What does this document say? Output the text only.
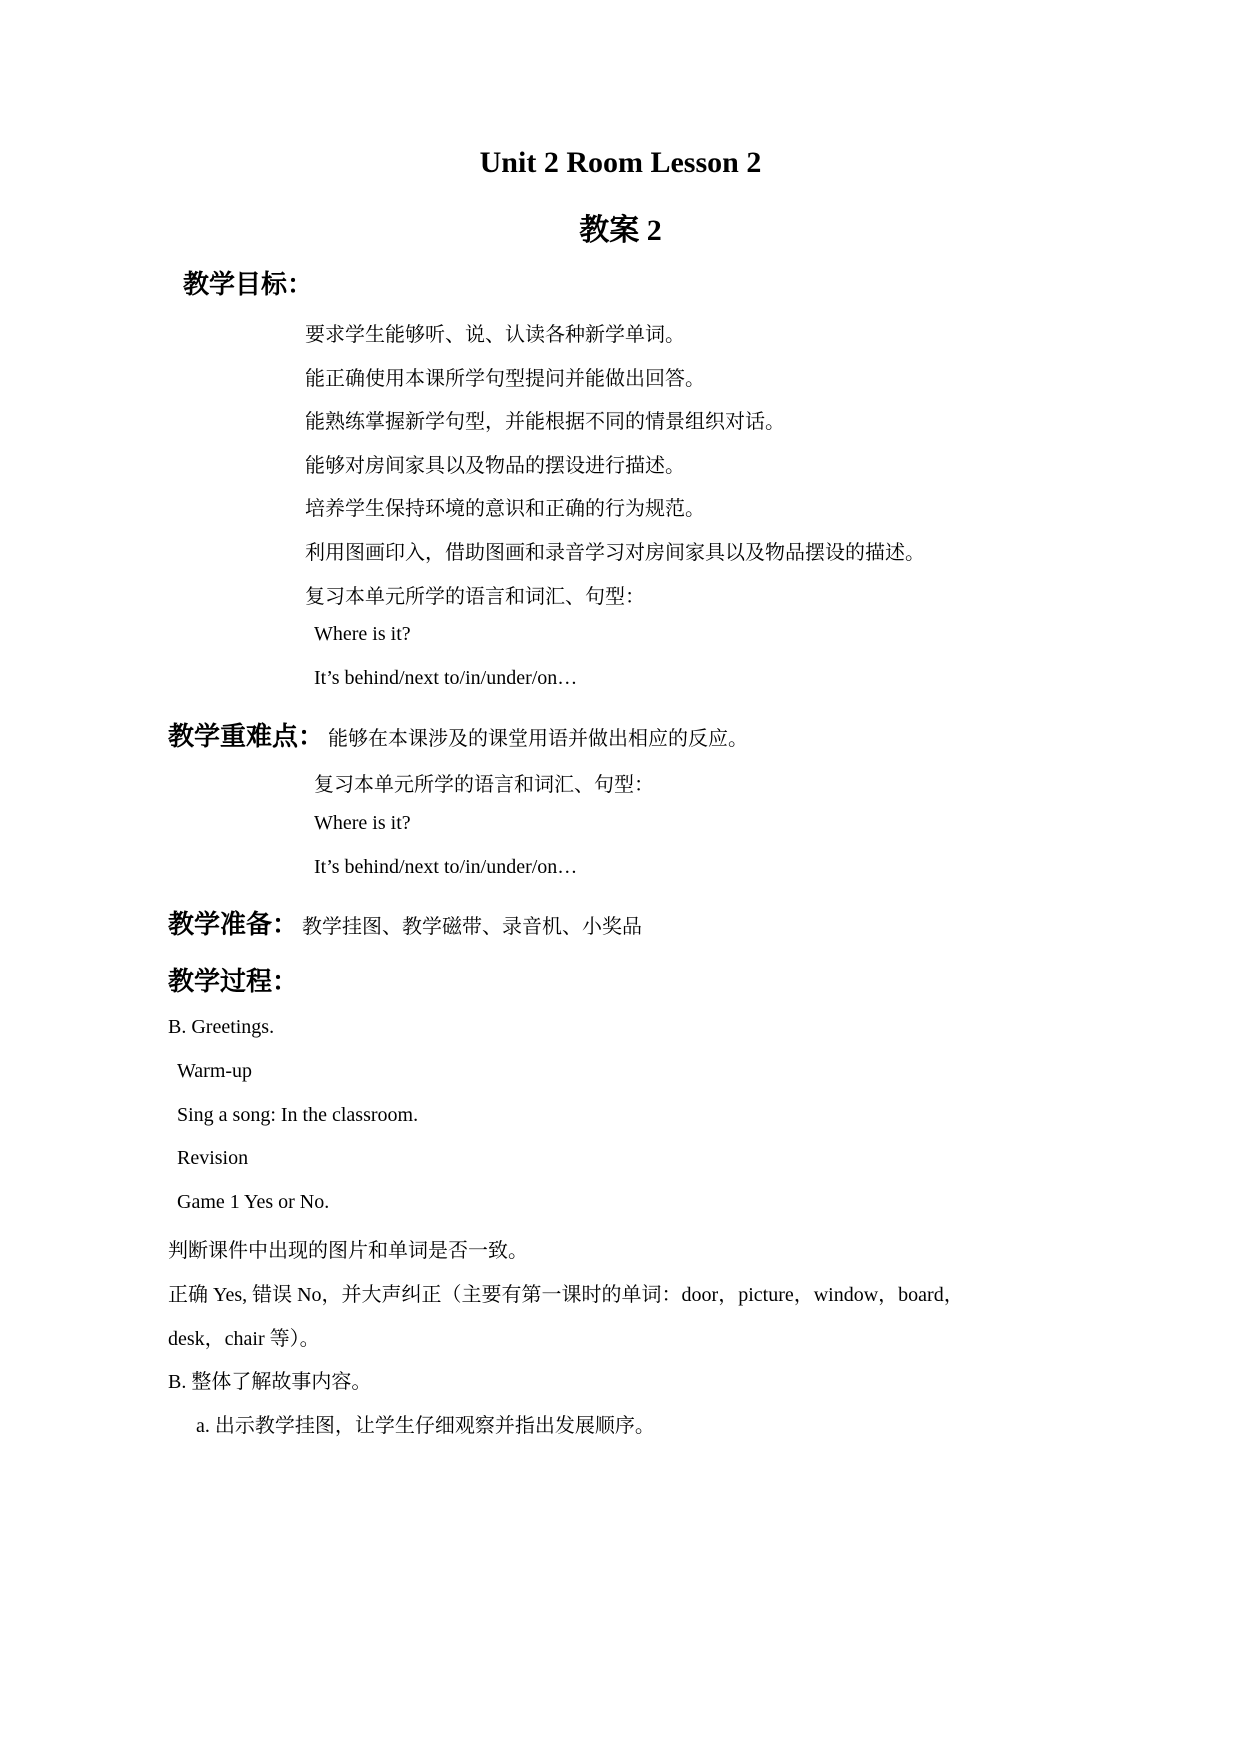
Unit 2 Room Lesson 2
教案 2
教学目标：
要求学生能够听、说、认读各种新学单词。
能正确使用本课所学句型提问并能做出回答。
能熟练掌握新学句型，并能根据不同的情景组织对话。
能够对房间家具以及物品的摆设进行描述。
培养学生保持环境的意识和正确的行为规范。
利用图画印入，借助图画和录音学习对房间家具以及物品摆设的描述。
复习本单元所学的语言和词汇、句型：
Where is it?
It’s behind/next to/in/under/on…
教学重难点： 能够在本课涉及的课堂用语并做出相应的反应。
复习本单元所学的语言和词汇、句型：
Where is it?
It’s behind/next to/in/under/on…
教学准备： 教学挂图、教学磁带、录音机、小奖品
教学过程：
B. Greetings.
Warm-up
Sing a song: In the classroom.
Revision
Game 1 Yes or No.
判断课件中出现的图片和单词是否一致。
正确 Yes, 错误 No，并大声纠正（主要有第一课时的单词：door，picture，window，board，
desk，chair 等）。
B. 整体了解故事内容。
a. 出示教学挂图，让学生仔细观察并指出发展顺序。
